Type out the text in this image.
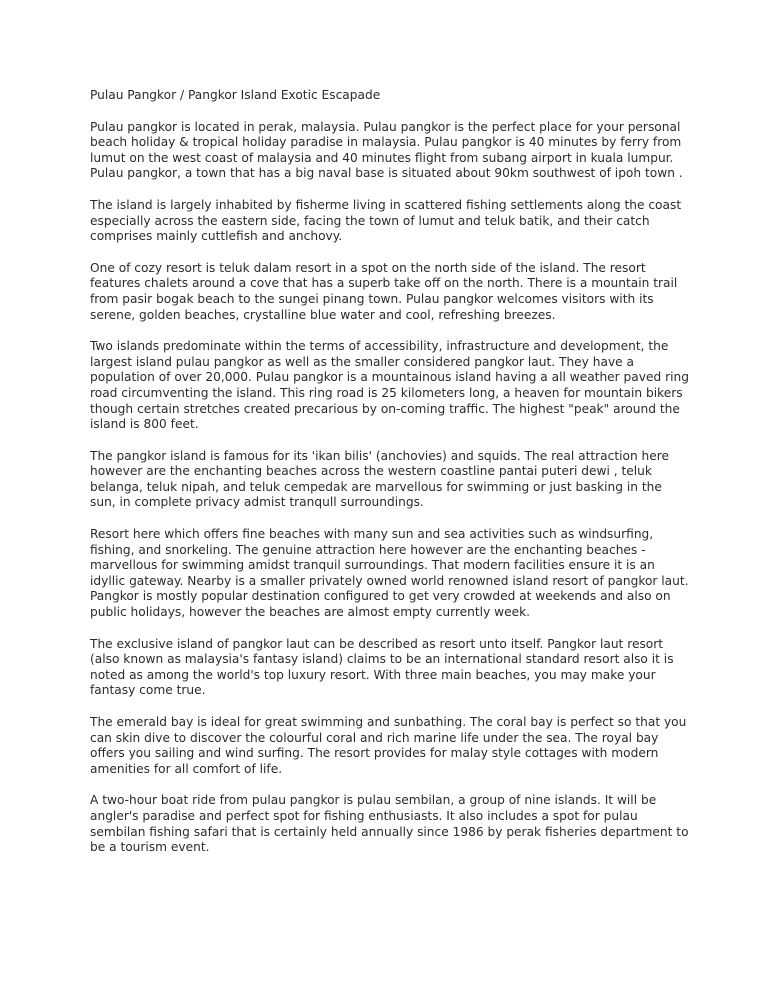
Pulau Pangkor / Pangkor Island Exotic Escapade

Pulau pangkor is located in perak, malaysia. Pulau pangkor is the perfect place for your personal beach holiday & tropical holiday paradise in malaysia. Pulau pangkor is 40 minutes by ferry from lumut on the west coast of malaysia and 40 minutes flight from subang airport in kuala lumpur. Pulau pangkor, a town that has a big naval base is situated about 90km southwest of ipoh town .

The island is largely inhabited by fisherme living in scattered fishing settlements along the coast especially across the eastern side, facing the town of lumut and teluk batik, and their catch comprises mainly cuttlefish and anchovy.

One of cozy resort is teluk dalam resort in a spot on the north side of the island. The resort features chalets around a cove that has a superb take off on the north. There is a mountain trail from pasir bogak beach to the sungei pinang town. Pulau pangkor welcomes visitors with its serene, golden beaches, crystalline blue water and cool, refreshing breezes.

Two islands predominate within the terms of accessibility, infrastructure and development, the largest island pulau pangkor as well as the smaller considered pangkor laut. They have a population of over 20,000. Pulau pangkor is a mountainous island having a all weather paved ring road circumventing the island. This ring road is 25 kilometers long, a heaven for mountain bikers though certain stretches created precarious by on-coming traffic. The highest "peak" around the island is 800 feet.

The pangkor island is famous for its 'ikan bilis' (anchovies) and squids. The real attraction here however are the enchanting beaches across the western coastline pantai puteri dewi , teluk belanga, teluk nipah, and teluk cempedak are marvellous for swimming or just basking in the sun, in complete privacy admist tranqull surroundings.

Resort here which offers fine beaches with many sun and sea activities such as windsurfing, fishing, and snorkeling. The genuine attraction here however are the enchanting beaches - marvellous for swimming amidst tranquil surroundings. That modern facilities ensure it is an idyllic gateway. Nearby is a smaller privately owned world renowned island resort of pangkor laut. Pangkor is mostly popular destination configured to get very crowded at weekends and also on public holidays, however the beaches are almost empty currently week.

The exclusive island of pangkor laut can be described as resort unto itself. Pangkor laut resort (also known as malaysia's fantasy island) claims to be an international standard resort also it is noted as among the world's top luxury resort. With three main beaches, you may make your fantasy come true.

The emerald bay is ideal for great swimming and sunbathing. The coral bay is perfect so that you can skin dive to discover the colourful coral and rich marine life under the sea. The royal bay offers you sailing and wind surfing. The resort provides for malay style cottages with modern amenities for all comfort of life.

A two-hour boat ride from pulau pangkor is pulau sembilan, a group of nine islands. It will be angler's paradise and perfect spot for fishing enthusiasts. It also includes a spot for pulau sembilan fishing safari that is certainly held annually since 1986 by perak fisheries department to be a tourism event.
